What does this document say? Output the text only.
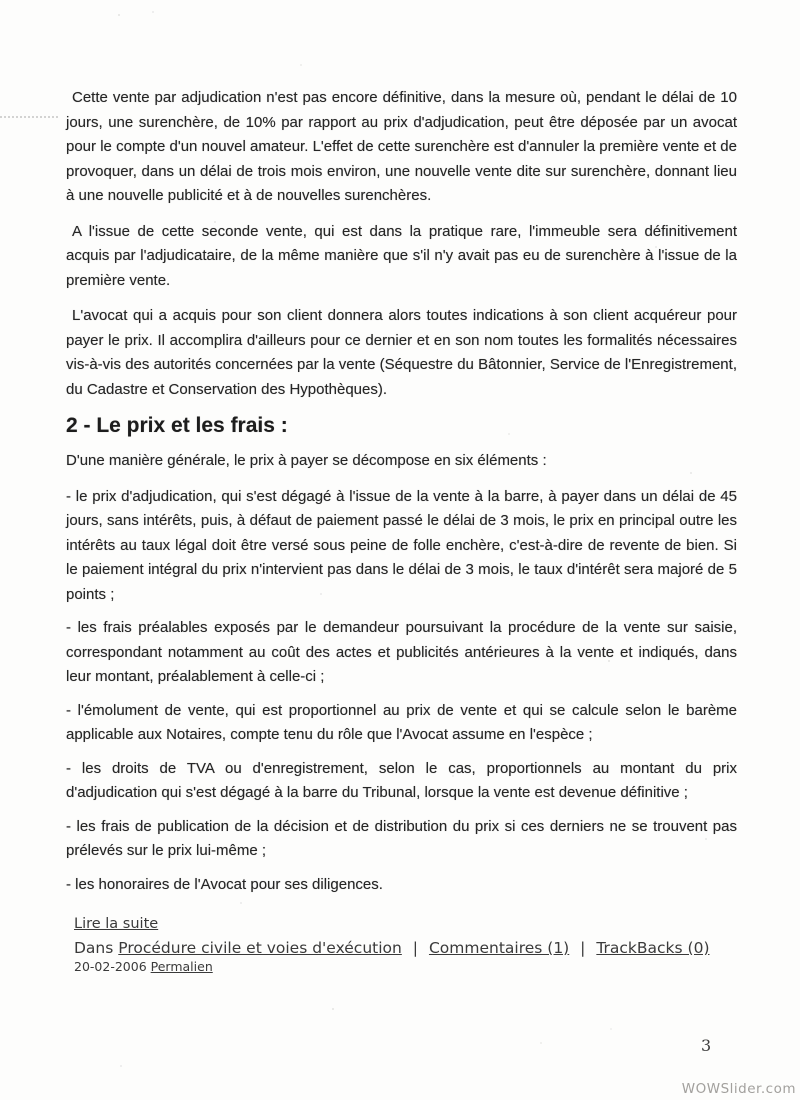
Cette vente par adjudication n'est pas encore définitive, dans la mesure où, pendant le délai de 10 jours, une surenchère, de 10% par rapport au prix d'adjudication, peut être déposée par un avocat pour le compte d'un nouvel amateur. L'effet de cette surenchère est d'annuler la première vente et de provoquer, dans un délai de trois mois environ, une nouvelle vente dite sur surenchère, donnant lieu à une nouvelle publicité et à de nouvelles surenchères.

A l'issue de cette seconde vente, qui est dans la pratique rare, l'immeuble sera définitivement acquis par l'adjudicataire, de la même manière que s'il n'y avait pas eu de surenchère à l'issue de la première vente.

L'avocat qui a acquis pour son client donnera alors toutes indications à son client acquéreur pour payer le prix. Il accomplira d'ailleurs pour ce dernier et en son nom toutes les formalités nécessaires vis-à-vis des autorités concernées par la vente (Séquestre du Bâtonnier, Service de l'Enregistrement, du Cadastre et Conservation des Hypothèques).

2 - Le prix et les frais :

D'une manière générale, le prix à payer se décompose en six éléments :

- le prix d'adjudication, qui s'est dégagé à l'issue de la vente à la barre, à payer dans un délai de 45 jours, sans intérêts, puis, à défaut de paiement passé le délai de 3 mois, le prix en principal outre les intérêts au taux légal doit être versé sous peine de folle enchère, c'est-à-dire de revente de bien. Si le paiement intégral du prix n'intervient pas dans le délai de 3 mois, le taux d'intérêt sera majoré de 5 points ;

- les frais préalables exposés par le demandeur poursuivant la procédure de la vente sur saisie, correspondant notamment au coût des actes et publicités antérieures à la vente et indiqués, dans leur montant, préalablement à celle-ci ;

- l'émolument de vente, qui est proportionnel au prix de vente et qui se calcule selon le barème applicable aux Notaires, compte tenu du rôle que l'Avocat assume en l'espèce ;

- les droits de TVA ou d'enregistrement, selon le cas, proportionnels au montant du prix d'adjudication qui s'est dégagé à la barre du Tribunal, lorsque la vente est devenue définitive ;

- les frais de publication de la décision et de distribution du prix si ces derniers ne se trouvent pas prélevés sur le prix lui-même ;

- les honoraires de l'Avocat pour ses diligences.

Lire la suite
Dans Procédure civile et voies d'exécution | Commentaires (1) | TrackBacks (0)
20-02-2006 Permalien
3
WOWSlider.com
